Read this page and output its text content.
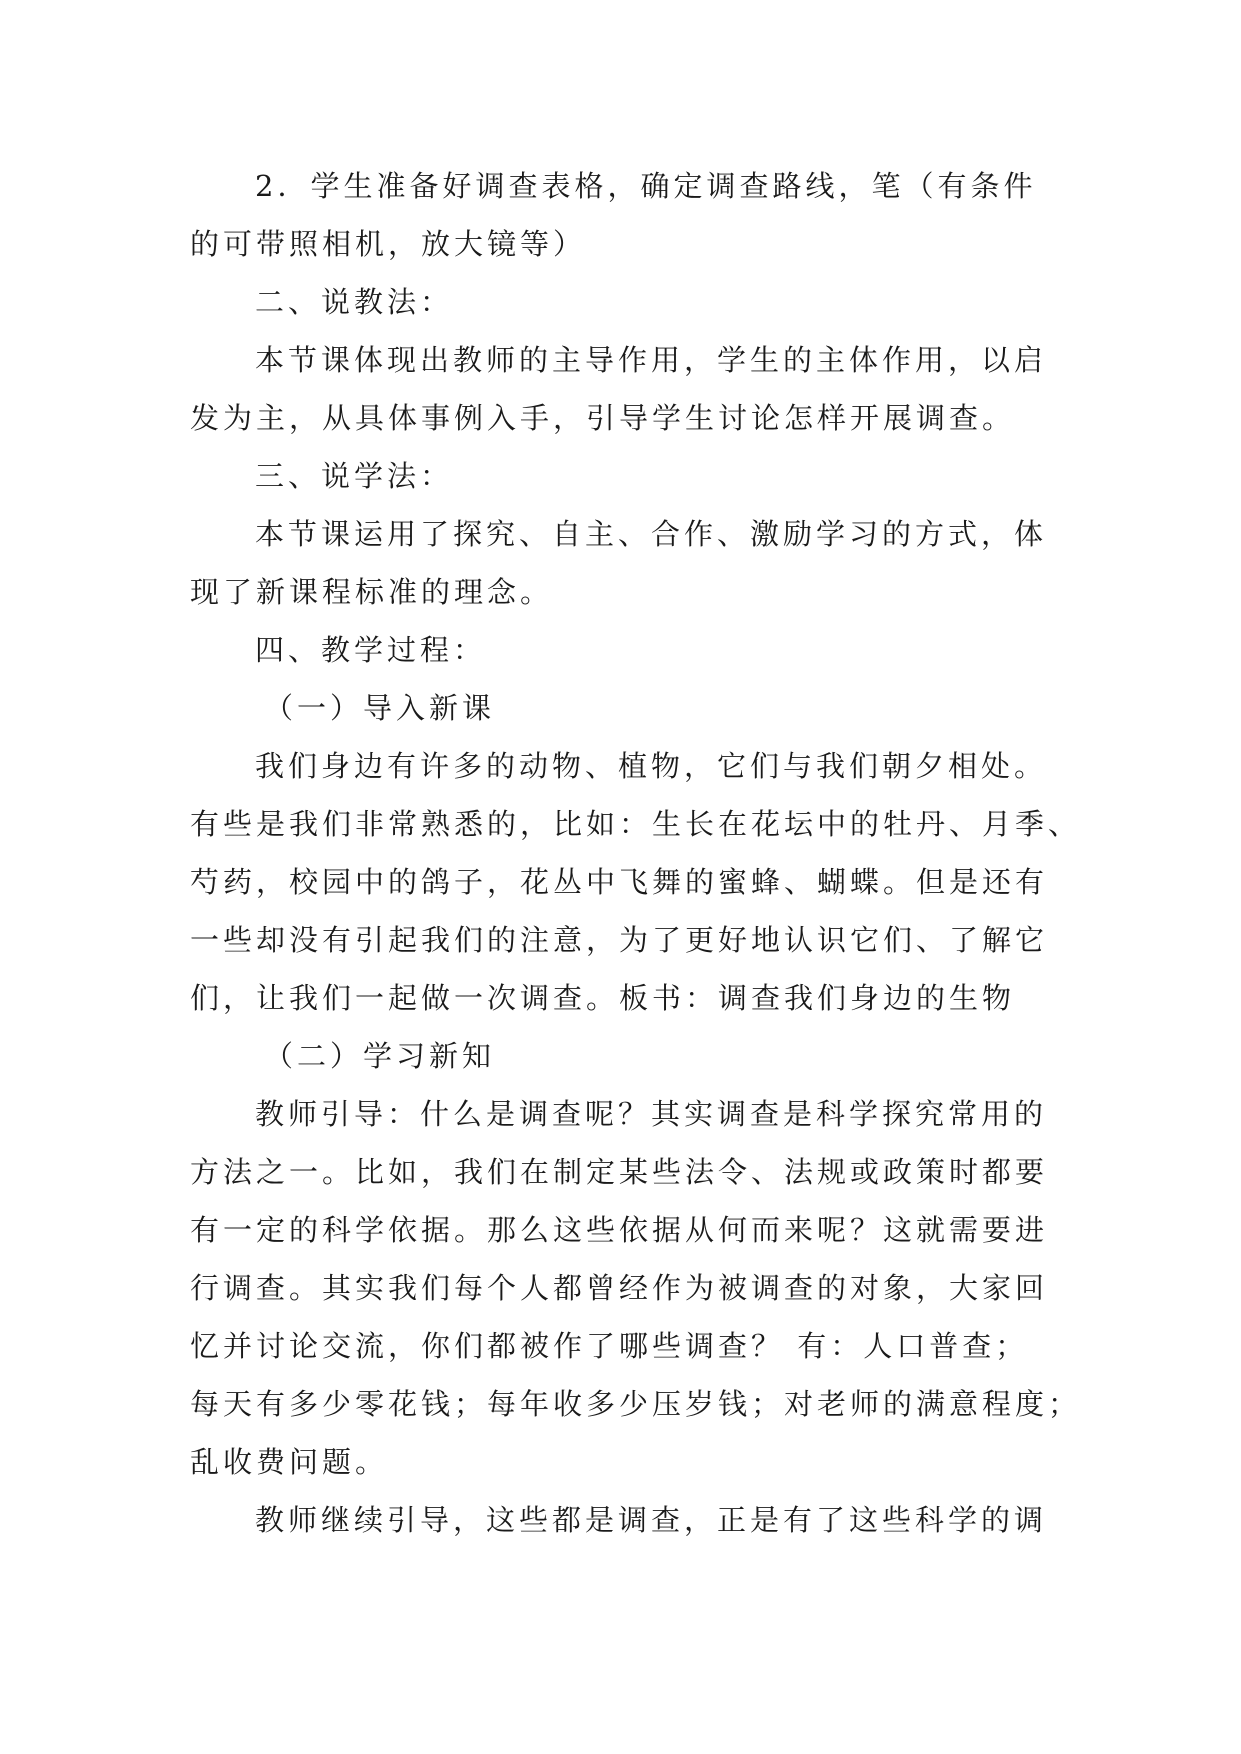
2．学生准备好调查表格，确定调查路线，笔（有条件
的可带照相机，放大镜等）
二、说教法：
本节课体现出教师的主导作用，学生的主体作用，以启
发为主，从具体事例入手，引导学生讨论怎样开展调查。
三、说学法：
本节课运用了探究、自主、合作、激励学习的方式，体
现了新课程标准的理念。
四、教学过程：
（一）导入新课
我们身边有许多的动物、植物，它们与我们朝夕相处。
有些是我们非常熟悉的，比如：生长在花坛中的牡丹、月季、
芍药，校园中的鸽子，花丛中飞舞的蜜蜂、蝴蝶。但是还有
一些却没有引起我们的注意，为了更好地认识它们、了解它
们，让我们一起做一次调查。板书：调查我们身边的生物
（二）学习新知
教师引导：什么是调查呢？其实调查是科学探究常用的
方法之一。比如，我们在制定某些法令、法规或政策时都要
有一定的科学依据。那么这些依据从何而来呢？这就需要进
行调查。其实我们每个人都曾经作为被调查的对象，大家回
忆并讨论交流，你们都被作了哪些调查？ 有：人口普查；
每天有多少零花钱；每年收多少压岁钱；对老师的满意程度；
乱收费问题。
教师继续引导，这些都是调查，正是有了这些科学的调
